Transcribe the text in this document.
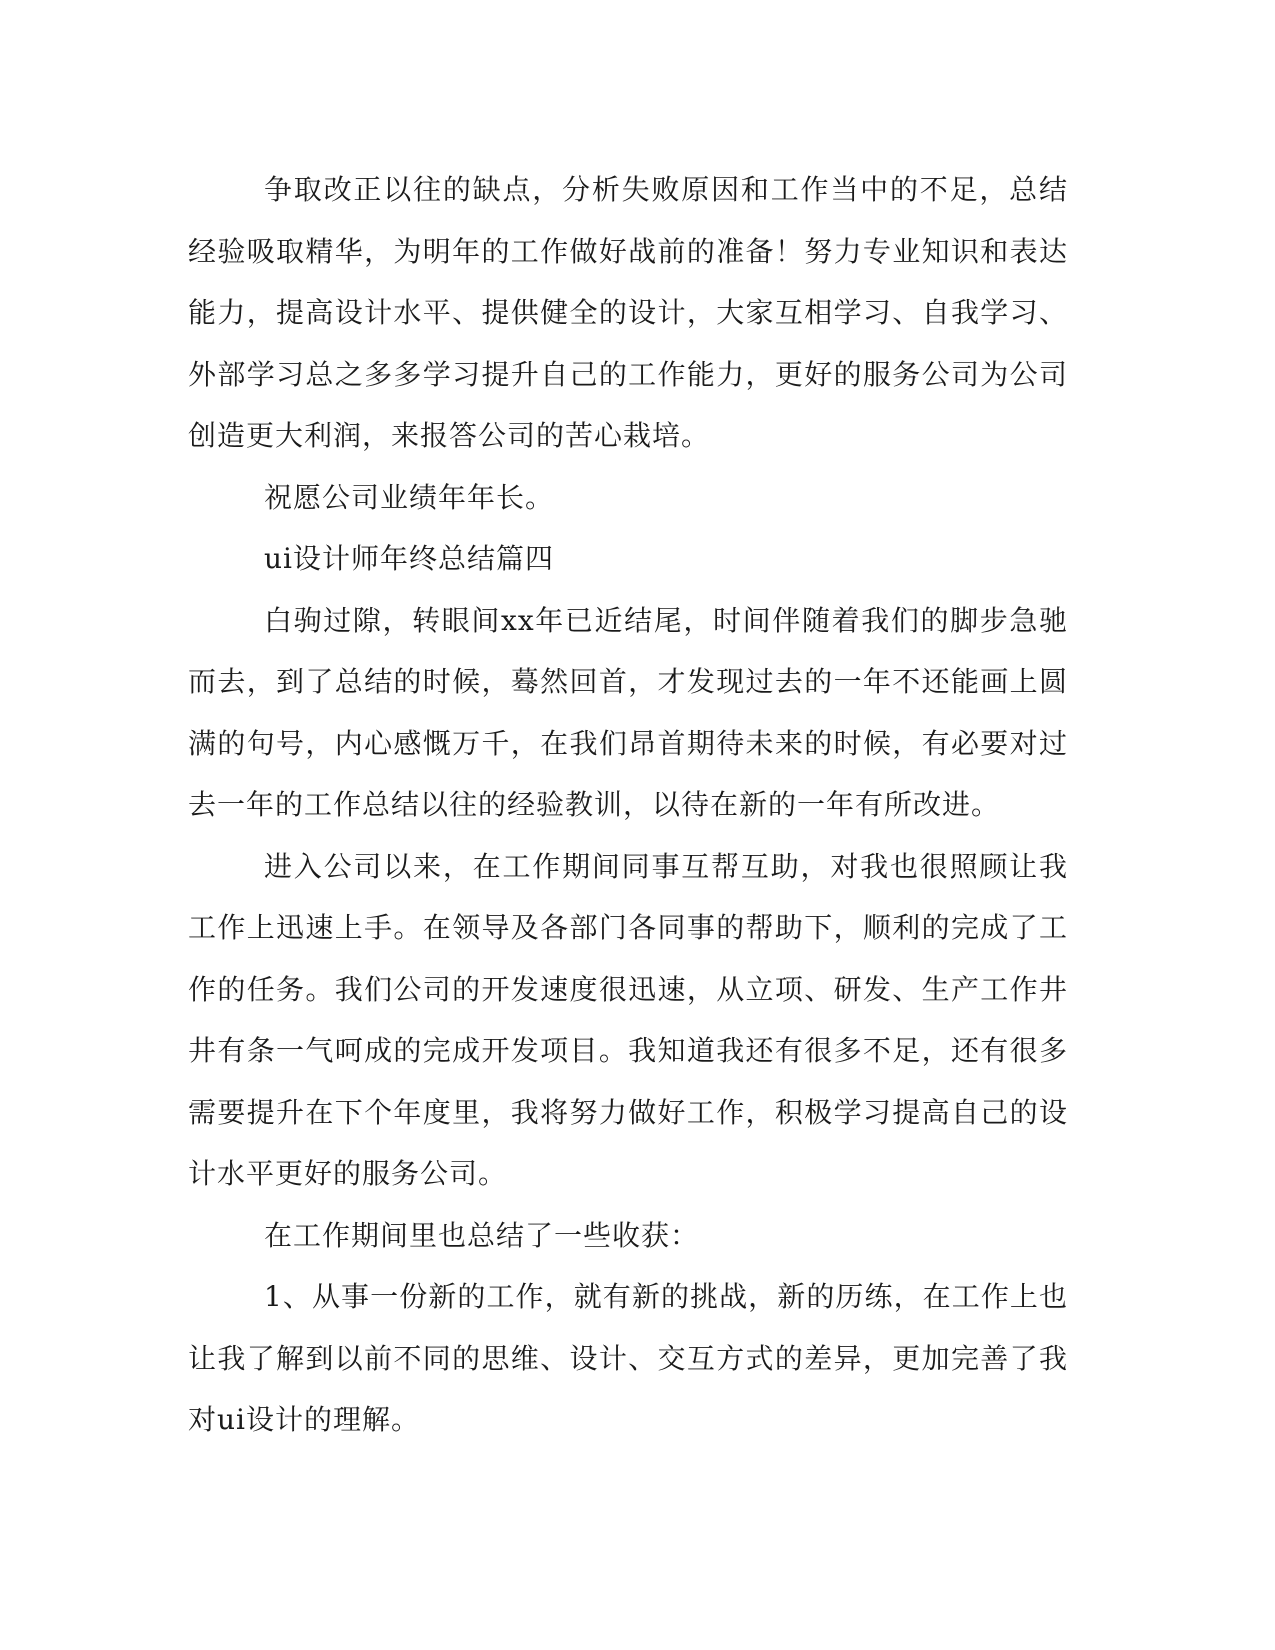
争取改正以往的缺点，分析失败原因和工作当中的不足，总结经验吸取精华，为明年的工作做好战前的准备！努力专业知识和表达能力，提高设计水平、提供健全的设计，大家互相学习、自我学习、外部学习总之多多学习提升自己的工作能力，更好的服务公司为公司创造更大利润，来报答公司的苦心栽培。

祝愿公司业绩年年长。

ui设计师年终总结篇四

白驹过隙，转眼间xx年已近结尾，时间伴随着我们的脚步急驰而去，到了总结的时候，蓦然回首，才发现过去的一年不还能画上圆满的句号，内心感慨万千，在我们昂首期待未来的时候，有必要对过去一年的工作总结以往的经验教训，以待在新的一年有所改进。

进入公司以来，在工作期间同事互帮互助，对我也很照顾让我工作上迅速上手。在领导及各部门各同事的帮助下，顺利的完成了工作的任务。我们公司的开发速度很迅速，从立项、研发、生产工作井井有条一气呵成的完成开发项目。我知道我还有很多不足，还有很多需要提升在下个年度里，我将努力做好工作，积极学习提高自己的设计水平更好的服务公司。

在工作期间里也总结了一些收获：

1、从事一份新的工作，就有新的挑战，新的历练，在工作上也让我了解到以前不同的思维、设计、交互方式的差异，更加完善了我对ui设计的理解。
